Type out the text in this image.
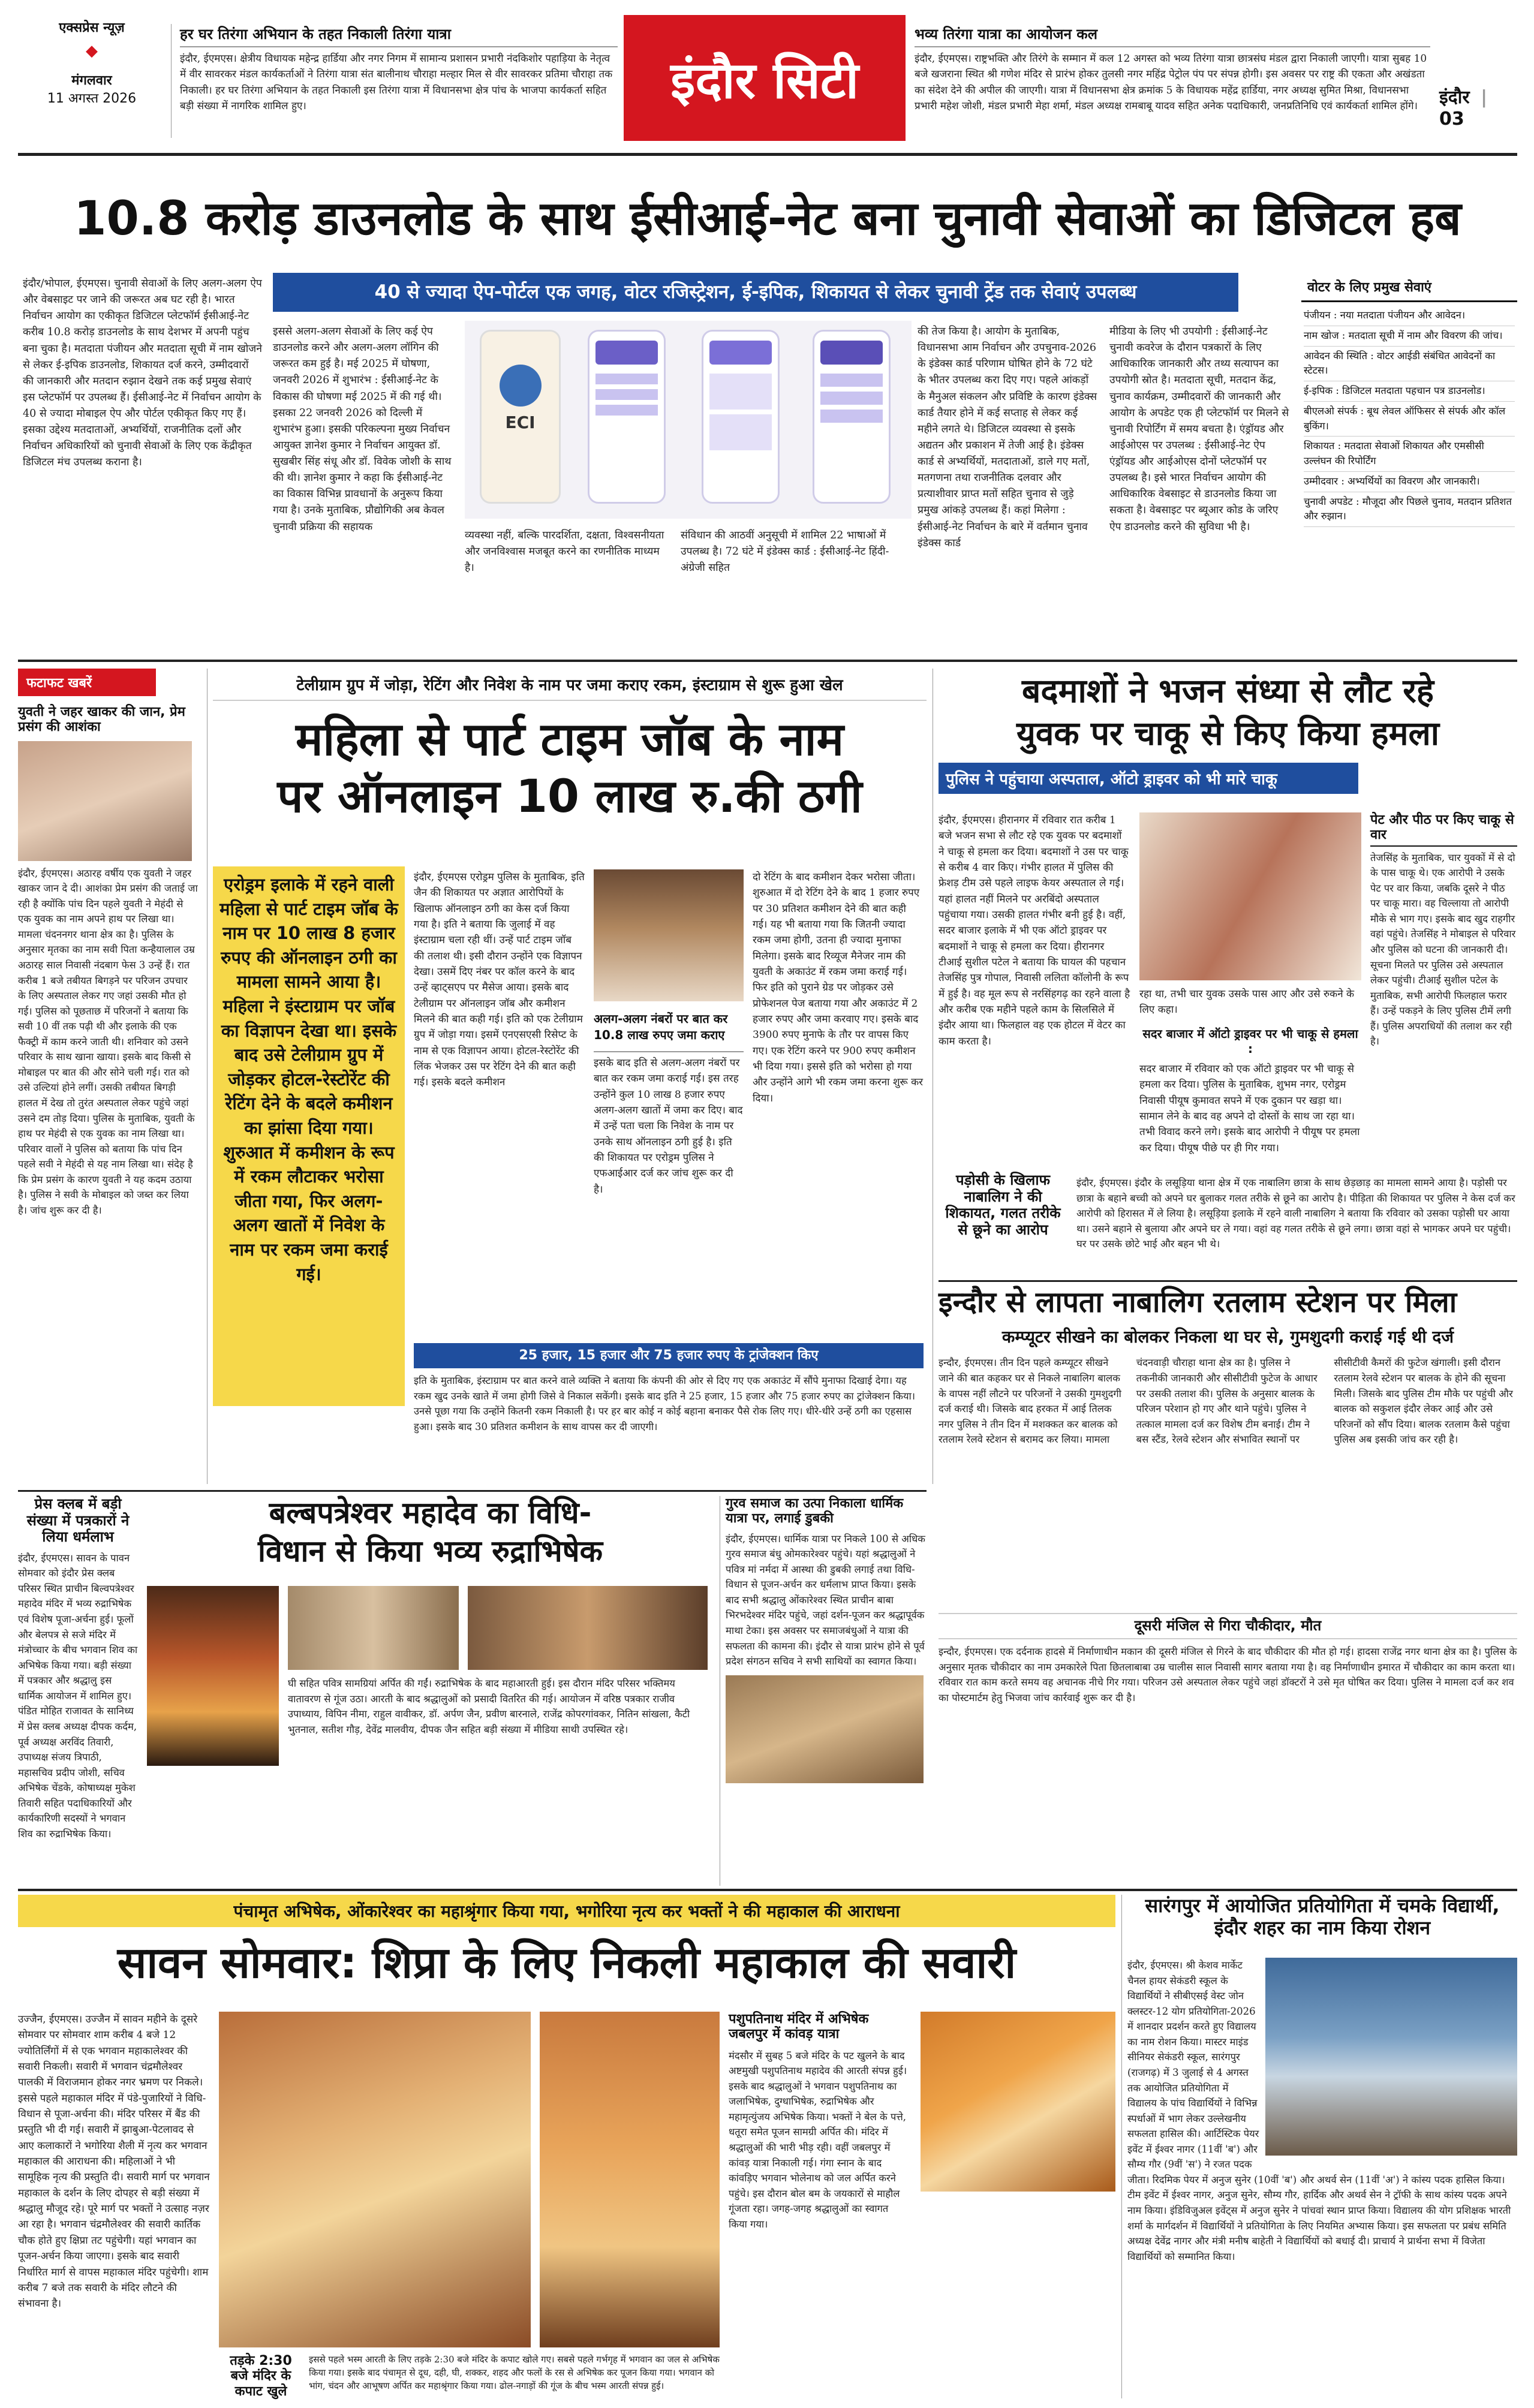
एक्सप्रेस न्यूज़
◆
मंगलवार
11 अगस्त 2026
हर घर तिरंगा अभियान के तहत निकाली तिरंगा यात्रा
इंदौर, ईएमएस। क्षेत्रीय विधायक महेन्द्र हार्डिया और नगर निगम में सामान्य प्रशासन प्रभारी नंदकिशोर पहाड़िया के नेतृत्व में वीर सावरकर मंडल कार्यकर्ताओं ने तिरंगा यात्रा संत बालीनाथ चौराहा मल्हार मिल से वीर सावरकर प्रतिमा चौराहा तक निकाली। हर घर तिरंगा अभियान के तहत निकाली इस तिरंगा यात्रा में विधानसभा क्षेत्र पांच के भाजपा कार्यकर्ता सहित बड़ी संख्या में नागरिक शामिल हुए।	इंदौर सिटी
भव्य तिरंगा यात्रा का आयोजन कल
इंदौर, ईएमएस। राष्ट्रभक्ति और तिरंगे के सम्मान में कल 12 अगस्त को भव्य तिरंगा यात्रा छात्रसंघ मंडल द्वारा निकाली जाएगी। यात्रा सुबह 10 बजे खजराना स्थित श्री गणेश मंदिर से प्रारंभ होकर तुलसी नगर महिंद्र पेट्रोल पंप पर संपन्न होगी। इस अवसर पर राष्ट्र की एकता और अखंडता का संदेश देने की अपील की जाएगी। यात्रा में विधानसभा क्षेत्र क्रमांक 5 के विधायक महेंद्र हार्डिया, नगर अध्यक्ष सुमित मिश्रा, विधानसभा प्रभारी महेश जोशी, मंडल प्रभारी मेहा शर्मा, मंडल अध्यक्ष रामबाबू यादव सहित अनेक पदाधिकारी, जनप्रतिनिधि एवं कार्यकर्ता शामिल होंगे।	इंदौर | 03
10.8 करोड़ डाउनलोड के साथ ईसीआई-नेट बना चुनावी सेवाओं का डिजिटल हब
इंदौर/भोपाल, ईएमएस। चुनावी सेवाओं के लिए अलग-अलग ऐप और वेबसाइट पर जाने की जरूरत अब घट रही है। भारत निर्वाचन आयोग का एकीकृत डिजिटल प्लेटफॉर्म ईसीआई-नेट करीब 10.8 करोड़ डाउनलोड के साथ देशभर में अपनी पहुंच बना चुका है। मतदाता पंजीयन और मतदाता सूची में नाम खोजने से लेकर ई-इपिक डाउनलोड, शिकायत दर्ज करने, उम्मीदवारों की जानकारी और मतदान रुझान देखने तक कई प्रमुख सेवाएं इस प्लेटफॉर्म पर उपलब्ध हैं। ईसीआई-नेट में निर्वाचन आयोग के 40 से ज्यादा मोबाइल ऐप और पोर्टल एकीकृत किए गए हैं। इसका उद्देश्य मतदाताओं, अभ्यर्थियों, राजनीतिक दलों और निर्वाचन अधिकारियों को चुनावी सेवाओं के लिए एक केंद्रीकृत डिजिटल मंच उपलब्ध कराना है।
40 से ज्यादा ऐप-पोर्टल एक जगह, वोटर रजिस्ट्रेशन, ई-इपिक, शिकायत से लेकर चुनावी ट्रेंड तक सेवाएं उपलब्ध
इससे अलग-अलग सेवाओं के लिए कई ऐप डाउनलोड करने और अलग-अलग लॉगिन की जरूरत कम हुई है। मई 2025 में घोषणा, जनवरी 2026 में शुभारंभ : ईसीआई-नेट के विकास की घोषणा मई 2025 में की गई थी। इसका 22 जनवरी 2026 को दिल्ली में शुभारंभ हुआ। इसकी परिकल्पना मुख्य निर्वाचन आयुक्त ज्ञानेश कुमार ने निर्वाचन आयुक्त डॉ. सुखबीर सिंह संधू और डॉ. विवेक जोशी के साथ की थी। ज्ञानेश कुमार ने कहा कि ईसीआई-नेट का विकास विभिन्न प्रावधानों के अनुरूप किया गया है। उनके मुताबिक, प्रौद्योगिकी अब केवल चुनावी प्रक्रिया की सहायक
ECI
व्यवस्था नहीं, बल्कि पारदर्शिता, दक्षता, विश्वसनीयता और जनविश्वास मजबूत करने का रणनीतिक माध्यम है।
संविधान की आठवीं अनुसूची में शामिल 22 भाषाओं में उपलब्ध है। 72 घंटे में इंडेक्स कार्ड : ईसीआई-नेट हिंदी-अंग्रेजी सहित
की तेज किया है। आयोग के मुताबिक, विधानसभा आम निर्वाचन और उपचुनाव-2026 के इंडेक्स कार्ड परिणाम घोषित होने के 72 घंटे के भीतर उपलब्ध करा दिए गए। पहले आंकड़ों के मैनुअल संकलन और प्रविष्टि के कारण इंडेक्स कार्ड तैयार होने में कई सप्ताह से लेकर कई महीने लगते थे। डिजिटल व्यवस्था से इसके अद्यतन और प्रकाशन में तेजी आई है। इंडेक्स कार्ड से अभ्यर्थियों, मतदाताओं, डाले गए मतों, मतगणना तथा राजनीतिक दलवार और प्रत्याशीवार प्राप्त मतों सहित चुनाव से जुड़े प्रमुख आंकड़े उपलब्ध हैं। कहां मिलेगा : ईसीआई-नेट निर्वाचन के बारे में वर्तमान चुनाव इंडेक्स कार्ड
मीडिया के लिए भी उपयोगी : ईसीआई-नेट चुनावी कवरेज के दौरान पत्रकारों के लिए आधिकारिक जानकारी और तथ्य सत्यापन का उपयोगी स्रोत है। मतदाता सूची, मतदान केंद्र, चुनाव कार्यक्रम, उम्मीदवारों की जानकारी और आयोग के अपडेट एक ही प्लेटफॉर्म पर मिलने से चुनावी रिपोर्टिंग में समय बचता है। एंड्रॉयड और आईओएस पर उपलब्ध : ईसीआई-नेट ऐप एंड्रॉयड और आईओएस दोनों प्लेटफॉर्म पर उपलब्ध है। इसे भारत निर्वाचन आयोग की आधिकारिक वेबसाइट से डाउनलोड किया जा सकता है। वेबसाइट पर ब्यूआर कोड के जरिए ऐप डाउनलोड करने की सुविधा भी है।
वोटर के लिए प्रमुख सेवाएं
पंजीयन : नया मतदाता पंजीयन और आवेदन।
नाम खोज : मतदाता सूची में नाम और विवरण की जांच।
आवेदन की स्थिति : वोटर आईडी संबंधित आवेदनों का स्टेटस।
ई-इपिक : डिजिटल मतदाता पहचान पत्र डाउनलोड।
बीएलओ संपर्क : बूथ लेवल ऑफिसर से संपर्क और कॉल बुकिंग।
शिकायत : मतदाता सेवाओं शिकायत और एमसीसी उल्लंघन की रिपोर्टिंग
उम्मीदवार : अभ्यर्थियों का विवरण और जानकारी।
चुनावी अपडेट : मौजूदा और पिछले चुनाव, मतदान प्रतिशत और रुझान।
फटाफट खबरें
युवती ने जहर खाकर की जान, प्रेम प्रसंग की आशंका
इंदौर, ईएमएस। अठारह वर्षीय एक युवती ने जहर खाकर जान दे दी। आशंका प्रेम प्रसंग की जताई जा रही है क्योंकि पांच दिन पहले युवती ने मेहंदी से एक युवक का नाम अपने हाथ पर लिखा था। मामला चंदननगर थाना क्षेत्र का है। पुलिस के अनुसार मृतका का नाम सवी पिता कन्हैयालाल उम्र अठारह साल निवासी नंदबाग फेस 3 उन्हें हैं। रात करीब 1 बजे तबीयत बिगड़ने पर परिजन उपचार के लिए अस्पताल लेकर गए जहां उसकी मौत हो गई। पुलिस को पूछताछ में परिजनों ने बताया कि सवी 10 वीं तक पढ़ी थी और इलाके की एक फैक्ट्री में काम करने जाती थी। शनिवार को उसने परिवार के साथ खाना खाया। इसके बाद किसी से मोबाइल पर बात की और सोने चली गई। रात को उसे उल्टियां होने लगीं। उसकी तबीयत बिगड़ी हालत में देख तो तुरंत अस्पताल लेकर पहुंचे जहां उसने दम तोड़ दिया। पुलिस के मुताबिक, युवती के हाथ पर मेहंदी से एक युवक का नाम लिखा था। परिवार वालों ने पुलिस को बताया कि पांच दिन पहले सवी ने मेहंदी से यह नाम लिखा था। संदेह है कि प्रेम प्रसंग के कारण युवती ने यह कदम उठाया है। पुलिस ने सवी के मोबाइल को जब्त कर लिया है। जांच शुरू कर दी है।
टेलीग्राम ग्रुप में जोड़ा, रेटिंग और निवेश के नाम पर जमा कराए रकम, इंस्टाग्राम से शुरू हुआ खेल
महिला से पार्ट टाइम जॉब के नाम
पर ऑनलाइन 10 लाख रु.की ठगी
एरोड्रम इलाके में रहने वाली महिला से पार्ट टाइम जॉब के नाम पर 10 लाख 8 हजार रुपए की ऑनलाइन ठगी का मामला सामने आया है। महिला ने इंस्टाग्राम पर जॉब का विज्ञापन देखा था। इसके बाद उसे टेलीग्राम ग्रुप में जोड़कर होटल-रेस्टोरेंट की रेटिंग देने के बदले कमीशन का झांसा दिया गया। शुरुआत में कमीशन के रूप में रकम लौटाकर भरोसा जीता गया, फिर अलग-अलग खातों में निवेश के नाम पर रकम जमा कराई गई।
इंदौर, ईएमएस एरोड्रम पुलिस के मुताबिक, इति जैन की शिकायत पर अज्ञात आरोपियों के खिलाफ ऑनलाइन ठगी का केस दर्ज किया गया है। इति ने बताया कि जुलाई में वह इंस्टाग्राम चला रही थीं। उन्हें पार्ट टाइम जॉब की तलाश थी। इसी दौरान उन्होंने एक विज्ञापन देखा। उसमें दिए नंबर पर कॉल करने के बाद उन्हें व्हाट्सएप पर मैसेज आया। इसके बाद टेलीग्राम पर ऑनलाइन जॉब और कमीशन मिलने की बात कही गई। इति को एक टेलीग्राम ग्रुप में जोड़ा गया। इसमें एनएसएसी रिसेप्ट के नाम से एक विज्ञापन आया। होटल-रेस्टोरेंट की लिंक भेजकर उस पर रेटिंग देने की बात कही गई। इसके बदले कमीशन
अलग-अलग नंबरों पर बात कर 10.8 लाख रुपए जमा कराए
इसके बाद इति से अलग-अलग नंबरों पर बात कर रकम जमा कराई गई। इस तरह उन्होंने कुल 10 लाख 8 हजार रुपए अलग-अलग खातों में जमा कर दिए। बाद में उन्हें पता चला कि निवेश के नाम पर उनके साथ ऑनलाइन ठगी हुई है। इति की शिकायत पर एरोड्रम पुलिस ने एफआईआर दर्ज कर जांच शुरू कर दी है।
दो रेटिंग के बाद कमीशन देकर भरोसा जीता। शुरुआत में दो रेटिंग देने के बाद 1 हजार रुपए पर 30 प्रतिशत कमीशन देने की बात कही गई। यह भी बताया गया कि जितनी ज्यादा रकम जमा होगी, उतना ही ज्यादा मुनाफा मिलेगा। इसके बाद रिव्यूज मैनेजर नाम की युवती के अकाउंट में रकम जमा कराई गई। फिर इति को पुराने ग्रेड पर जोड़कर उसे प्रोफेशनल पेज बताया गया और अकाउंट में 2 हजार रुपए और जमा करवाए गए। इसके बाद 3900 रुपए मुनाफे के तौर पर वापस किए गए। एक रेटिंग करने पर 900 रुपए कमीशन भी दिया गया। इससे इति को भरोसा हो गया और उन्होंने आगे भी रकम जमा करना शुरू कर दिया।
25 हजार, 15 हजार और 75 हजार रुपए के ट्रांजेक्शन किए
इति के मुताबिक, इंस्टाग्राम पर बात करने वाले व्यक्ति ने बताया कि कंपनी की ओर से दिए गए एक अकाउंट में सौंपे मुनाफा दिखाई देगा। यह रकम खुद उनके खाते में जमा होगी जिसे वे निकाल सकेंगी। इसके बाद इति ने 25 हजार, 15 हजार और 75 हजार रुपए का ट्रांजेक्शन किया। उनसे पूछा गया कि उन्होंने कितनी रकम निकाली है। पर हर बार कोई न कोई बहाना बनाकर पैसे रोक लिए गए। धीरे-धीरे उन्हें ठगी का एहसास हुआ। इसके बाद 30 प्रतिशत कमीशन के साथ वापस कर दी जाएगी।
बदमाशों ने भजन संध्या से लौट रहे
युवक पर चाकू से किए किया हमला
पुलिस ने पहुंचाया अस्पताल, ऑटो ड्राइवर को भी मारे चाकू
इंदौर, ईएमएस। हीरानगर में रविवार रात करीब 1 बजे भजन सभा से लौट रहे एक युवक पर बदमाशों ने चाकू से हमला कर दिया। बदमाशों ने उस पर चाकू से करीब 4 वार किए। गंभीर हालत में पुलिस की फ्रेशड़ टीम उसे पहले लाइफ केयर अस्पताल ले गई। यहां हालत नहीं मिलने पर अरबिंदो अस्पताल पहुंचाया गया। उसकी हालत गंभीर बनी हुई है। वहीं, सदर बाजार इलाके में भी एक ऑटो ड्राइवर पर बदमाशों ने चाकू से हमला कर दिया। हीरानगर टीआई सुशील पटेल ने बताया कि घायल की पहचान तेजसिंह पुत्र गोपाल, निवासी ललिता कॉलोनी के रूप में हुई है। वह मूल रूप से नरसिंहगढ़ का रहने वाला है और करीब एक महीने पहले काम के सिलसिले में इंदौर आया था। फिलहाल वह एक होटल में वेटर का काम करता है।
रहा था, तभी चार युवक उसके पास आए और उसे रुकने के लिए कहा।
सदर बाजार में ऑटो ड्राइवर पर भी चाकू से हमला :
सदर बाजार में रविवार को एक ऑटो ड्राइवर पर भी चाकू से हमला कर दिया। पुलिस के मुताबिक, शुभम नगर, एरोड्रम निवासी पीयूष कुमावत सपने में एक दुकान पर खड़ा था। सामान लेने के बाद वह अपने दो दोस्तों के साथ जा रहा था। तभी विवाद करने लगे। इसके बाद आरोपी ने पीयूष पर हमला कर दिया। पीयूष पीछे पर ही गिर गया।
पेट और पीठ पर किए चाकू से वार
तेजसिंह के मुताबिक, चार युवकों में से दो के पास चाकू थे। एक आरोपी ने उसके पेट पर वार किया, जबकि दूसरे ने पीठ पर चाकू मारा। वह चिल्लाया तो आरोपी मौके से भाग गए। इसके बाद खुद राहगीर वहां पहुंचे। तेजसिंह ने मोबाइल से परिवार और पुलिस को घटना की जानकारी दी। सूचना मिलते पर पुलिस उसे अस्पताल लेकर पहुंची। टीआई सुशील पटेल के मुताबिक, सभी आरोपी फिलहाल फरार हैं। उन्हें पकड़ने के लिए पुलिस टीमें लगी हैं। पुलिस अपराधियों की तलाश कर रही है।
पड़ोसी के खिलाफ नाबालिग ने की शिकायत, गलत तरीके से छूने का आरोप
इंदौर, ईएमएस। इंदौर के लसूड़िया थाना क्षेत्र में एक नाबालिग छात्रा के साथ छेड़छाड़ का मामला सामने आया है। पड़ोसी पर छात्रा के बहाने बच्ची को अपने घर बुलाकर गलत तरीके से छूने का आरोप है। पीड़िता की शिकायत पर पुलिस ने केस दर्ज कर आरोपी को हिरासत में ले लिया है। लसूड़िया इलाके में रहने वाली नाबालिग ने बताया कि रविवार को उसका पड़ोसी घर आया था। उसने बहाने से बुलाया और अपने घर ले गया। वहां वह गलत तरीके से छूने लगा। छात्रा वहां से भागकर अपने घर पहुंची। घर पर उसके छोटे भाई और बहन भी थे।
प्रेस क्लब में बड़ी संख्या में पत्रकारों ने लिया धर्मलाभ
इंदौर, ईएमएस। सावन के पावन सोमवार को इंदौर प्रेस क्लब परिसर स्थित प्राचीन बिल्वपत्रेश्वर महादेव मंदिर में भव्य रुद्राभिषेक एवं विशेष पूजा-अर्चना हुई। फूलों और बेलपत्र से सजे मंदिर में मंत्रोच्चार के बीच भगवान शिव का अभिषेक किया गया। बड़ी संख्या में पत्रकार और श्रद्धालु इस धार्मिक आयोजन में शामिल हुए। पंडित मोहित राजावत के सानिध्य में प्रेस क्लब अध्यक्ष दीपक कर्दम, पूर्व अध्यक्ष अरविंद तिवारी, उपाध्यक्ष संजय त्रिपाठी, महासचिव प्रदीप जोशी, सचिव अभिषेक चेंडके, कोषाध्यक्ष मुकेश तिवारी सहित पदाधिकारियों और कार्यकारिणी सदस्यों ने भगवान शिव का रुद्राभिषेक किया।
बल्बपत्रेश्वर महादेव का विधि-
विधान से किया भव्य रुद्राभिषेक
घी सहित पवित्र सामग्रियां अर्पित की गईं। रुद्राभिषेक के बाद महाआरती हुई। इस दौरान मंदिर परिसर भक्तिमय वातावरण से गूंज उठा। आरती के बाद श्रद्धालुओं को प्रसादी वितरित की गई। आयोजन में वरिष्ठ पत्रकार राजीव उपाध्याय, विपिन नीमा, राहुल वावीकर, डॉ. अर्पण जैन, प्रवीण बारनाले, राजेंद्र कोपरगांवकर, नितिन सांखला, कैटी भुतनाल, सतीश गौड़, देवेंद्र मालवीय, दीपक जैन सहित बड़ी संख्या में मीडिया साथी उपस्थित रहे।
गुरव समाज का उत्पा निकाला धार्मिक यात्रा पर, लगाई डुबकी
इंदौर, ईएमएस। धार्मिक यात्रा पर निकले 100 से अधिक गुरव समाज बंधु ओमकारेश्वर पहुंचे। यहां श्रद्धालुओं ने पवित्र मां नर्मदा में आस्था की डुबकी लगाई तथा विधि-विधान से पूजन-अर्चन कर धर्मलाभ प्राप्त किया। इसके बाद सभी श्रद्धालु ओंकारेश्वर स्थित प्राचीन बाबा भिरभदेश्वर मंदिर पहुंचे, जहां दर्शन-पूजन कर श्रद्धापूर्वक माथा टेका। इस अवसर पर समाजबंधुओं ने यात्रा की सफलता की कामना की। इंदौर से यात्रा प्रारंभ होने से पूर्व प्रदेश संगठन सचिव ने सभी साथियों का स्वागत किया।
इन्दौर से लापता नाबालिग रतलाम स्टेशन पर मिला
कम्प्यूटर सीखने का बोलकर निकला था घर से, गुमशुदगी कराई गई थी दर्ज
इन्दौर, ईएमएस। तीन दिन पहले कम्प्यूटर सीखने जाने की बात कहकर घर से निकले नाबालिग बालक के वापस नहीं लौटने पर परिजनों ने उसकी गुमशुदगी दर्ज कराई थी। जिसके बाद हरकत में आई तिलक नगर पुलिस ने तीन दिन में मशक्कत कर बालक को रतलाम रेलवे स्टेशन से बरामद कर लिया। मामला चंदनवाड़ी चौराहा थाना क्षेत्र का है। पुलिस ने तकनीकी जानकारी और सीसीटीवी फुटेज के आधार पर उसकी तलाश की। पुलिस के अनुसार बालक के परिजन परेशान हो गए और थाने पहुंचे। पुलिस ने तत्काल मामला दर्ज कर विशेष टीम बनाई। टीम ने बस स्टैंड, रेलवे स्टेशन और संभावित स्थानों पर सीसीटीवी कैमरों की फुटेज खंगाली। इसी दौरान रतलाम रेलवे स्टेशन पर बालक के होने की सूचना मिली। जिसके बाद पुलिस टीम मौके पर पहुंची और बालक को सकुशल इंदौर लेकर आई और उसे परिजनों को सौंप दिया। बालक रतलाम कैसे पहुंचा पुलिस अब इसकी जांच कर रही है।
दूसरी मंजिल से गिरा चौकीदार, मौत
इन्दौर, ईएमएस। एक दर्दनाक हादसे में निर्माणाधीन मकान की दूसरी मंजिल से गिरने के बाद चौकीदार की मौत हो गई। हादसा राजेंद्र नगर थाना क्षेत्र का है। पुलिस के अनुसार मृतक चौकीदार का नाम उमकारेले पिता छितलाबाबा उम्र चालीस साल निवासी सागर बताया गया है। वह निर्माणाधीन इमारत में चौकीदार का काम करता था। रविवार रात काम करते समय वह अचानक नीचे गिर गया। परिजन उसे अस्पताल लेकर पहुंचे जहां डॉक्टरों ने उसे मृत घोषित कर दिया। पुलिस ने मामला दर्ज कर शव का पोस्टमार्टम हेतु भिजवा जांच कार्रवाई शुरू कर दी है।
पंचामृत अभिषेक, ओंकारेश्वर का महाश्रृंगार किया गया, भगोरिया नृत्य कर भक्तों ने की महाकाल की आराधना
सावन सोमवार: शिप्रा के लिए निकली महाकाल की सवारी
उज्जैन, ईएमएस। उज्जैन में सावन महीने के दूसरे सोमवार पर सोमवार शाम करीब 4 बजे 12 ज्योतिर्लिंगों में से एक भगवान महाकालेश्वर की सवारी निकली। सवारी में भगवान चंद्रमौलेश्वर पालकी में विराजमान होकर नगर भ्रमण पर निकले। इससे पहले महाकाल मंदिर में पंडे-पुजारियों ने विधि-विधान से पूजा-अर्चना की। मंदिर परिसर में बैंड की प्रस्तुति भी दी गई। सवारी में झाबुआ-पेटलावद से आए कलाकारों ने भगोरिया शैली में नृत्य कर भगवान महाकाल की आराधना की। महिलाओं ने भी सामूहिक नृत्य की प्रस्तुति दी। सवारी मार्ग पर भगवान महाकाल के दर्शन के लिए दोपहर से बड़ी संख्या में श्रद्धालु मौजूद रहे। पूरे मार्ग पर भक्तों ने उत्साह नज़र आ रहा है। भगवान चंद्रमौलेश्वर की सवारी कार्तिक चौक होते हुए क्षिप्रा तट पहुंचेगी। यहां भगवान का पूजन-अर्चन किया जाएगा। इसके बाद सवारी निर्धारित मार्ग से वापस महाकाल मंदिर पहुंचेगी। शाम करीब 7 बजे तक सवारी के मंदिर लौटने की संभावना है।
तड़के 2:30 बजे मंदिर के कपाट खुले
इससे पहले भस्म आरती के लिए तड़के 2:30 बजे मंदिर के कपाट खोले गए। सबसे पहले गर्भगृह में भगवान का जल से अभिषेक किया गया। इसके बाद पंचामृत से दूध, दही, घी, शक्कर, शहद और फलों के रस से अभिषेक कर पूजन किया गया। भगवान को भांग, चंदन और आभूषण अर्पित कर महाश्रृंगार किया गया। ढोल-नगाड़ों की गूंज के बीच भस्म आरती संपन्न हुई।
पशुपतिनाथ मंदिर में अभिषेक जबलपुर में कांवड़ यात्रा
मंदसौर में सुबह 5 बजे मंदिर के पट खुलने के बाद अष्टमुखी पशुपतिनाथ महादेव की आरती संपन्न हुई। इसके बाद श्रद्धालुओं ने भगवान पशुपतिनाथ का जलाभिषेक, दुग्धाभिषेक, रुद्राभिषेक और महामृत्युंजय अभिषेक किया। भक्तों ने बेल के पत्ते, धतूरा समेत पूजन सामग्री अर्पित की। मंदिर में श्रद्धालुओं की भारी भीड़ रही। वहीं जबलपुर में कांवड़ यात्रा निकाली गई। गंगा स्नान के बाद कांवड़िए भगवान भोलेनाथ को जल अर्पित करने पहुंचे। इस दौरान बोल बम के जयकारों से माहौल गूंजता रहा। जगह-जगह श्रद्धालुओं का स्वागत किया गया।
सारंगपुर में आयोजित प्रतियोगिता में चमके विद्यार्थी, इंदौर शहर का नाम किया रोशन
इंदौर, ईएमएस। श्री केशव मार्केट चैनल हायर सेकंडरी स्कूल के विद्यार्थियों ने सीबीएसई वेस्ट जोन क्लस्टर-12 योग प्रतियोगिता-2026 में शानदार प्रदर्शन करते हुए विद्यालय का नाम रोशन किया। मास्टर माइंड सीनियर सेकंडरी स्कूल, सारंगपुर (राजगढ़) में 3 जुलाई से 4 अगस्त तक आयोजित प्रतियोगिता में विद्यालय के पांच विद्यार्थियों ने विभिन्न स्पर्धाओं में भाग लेकर उल्लेखनीय सफलता हासिल की। आर्टिस्टिक पेयर इवेंट में ईश्वर नागर (11वीं 'ब') और सौम्य गौर (9वीं 'स') ने रजत पदक जीता। रिदमिक पेयर में अनुज सुनेर (10वीं 'ब') और अथर्व सेन (11वीं 'अ') ने कांस्य पदक हासिल किया। टीम इवेंट में ईश्वर नागर, अनुज सुनेर, सौम्य गौर, हार्दिक और अथर्व सेन ने ट्रॉफी के साथ कांस्य पदक अपने नाम किया। इंडिविजुअल इवेंट्स में अनुज सुनेर ने पांचवां स्थान प्राप्त किया। विद्यालय की योग प्रशिक्षक भारती शर्मा के मार्गदर्शन में विद्यार्थियों ने प्रतियोगिता के लिए नियमित अभ्यास किया। इस सफलता पर प्रबंध समिति अध्यक्ष देवेंद्र नागर और मंत्री मनीष बाहेती ने विद्यार्थियों को बधाई दी। प्राचार्य ने प्रार्थना सभा में विजेता विद्यार्थियों को सम्मानित किया।
